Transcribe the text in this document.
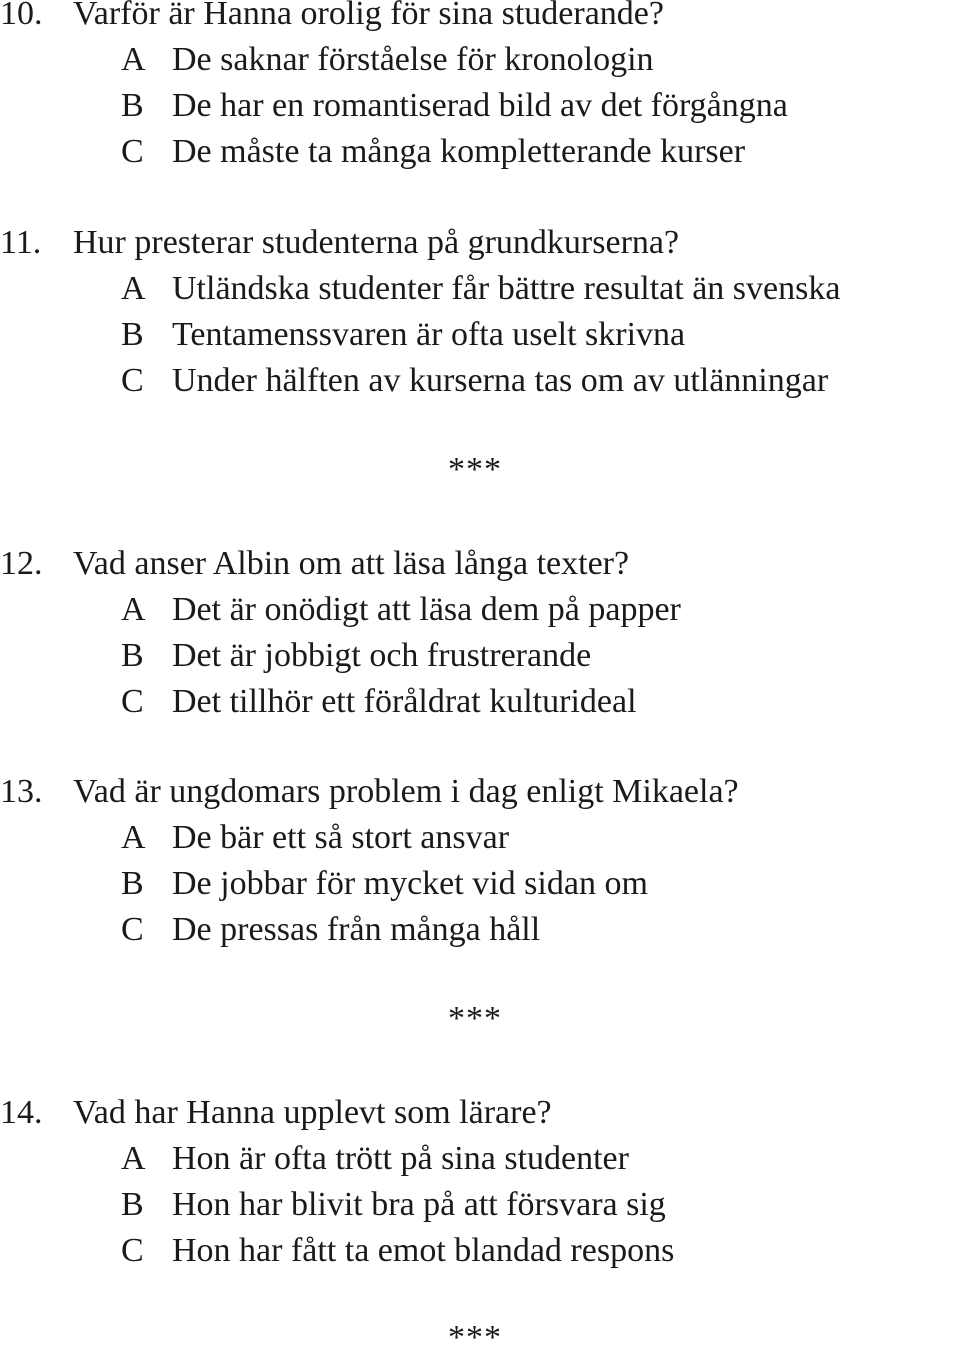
10. Varför är Hanna orolig för sina studerande?
A De saknar förståelse för kronologin
B De har en romantiserad bild av det förgångna
C De måste ta många kompletterande kurser
11. Hur presterar studenterna på grundkurserna?
A Utländska studenter får bättre resultat än svenska
B Tentamenssvaren är ofta uselt skrivna
C Under hälften av kurserna tas om av utlänningar
***
12. Vad anser Albin om att läsa långa texter?
A Det är onödigt att läsa dem på papper
B Det är jobbigt och frustrerande
C Det tillhör ett föråldrat kulturideal
13. Vad är ungdomars problem i dag enligt Mikaela?
A De bär ett så stort ansvar
B De jobbar för mycket vid sidan om
C De pressas från många håll
***
14. Vad har Hanna upplevt som lärare?
A Hon är ofta trött på sina studenter
B Hon har blivit bra på att försvara sig
C Hon har fått ta emot blandad respons
***
